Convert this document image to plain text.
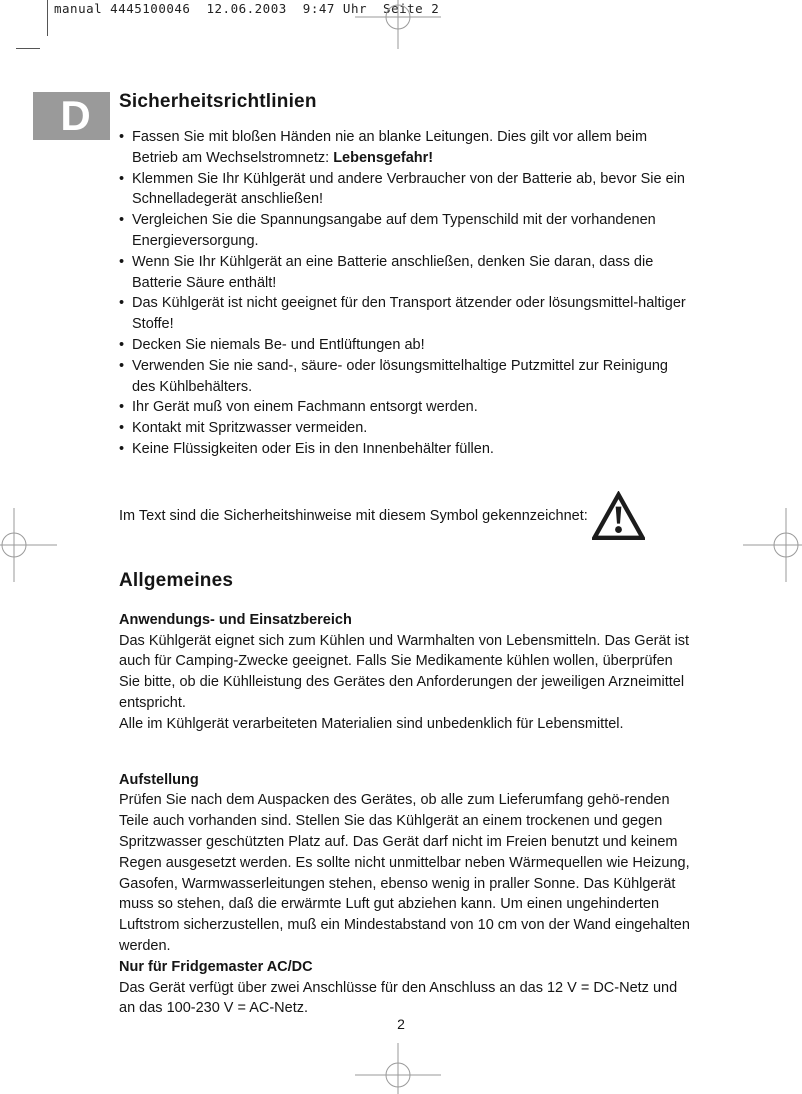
manual 4445100046  12.06.2003  9:47 Uhr  Seite 2
D	Sicherheitsrichtlinien
• Fassen Sie mit bloßen Händen nie an blanke Leitungen. Dies gilt vor allem beim Betrieb am Wechselstromnetz: Lebensgefahr!
• Klemmen Sie Ihr Kühlgerät und andere Verbraucher von der Batterie ab, bevor Sie ein Schnelladegerät anschließen!
• Vergleichen Sie die Spannungsangabe auf dem Typenschild mit der vorhandenen Energieversorgung.
• Wenn Sie Ihr Kühlgerät an eine Batterie anschließen, denken Sie daran, dass die Batterie Säure enthält!
• Das Kühlgerät ist nicht geeignet für den Transport ätzender oder lösungsmittel-haltiger Stoffe!
• Decken Sie niemals Be- und Entlüftungen ab!
• Verwenden Sie nie sand-, säure- oder lösungsmittelhaltige Putzmittel zur Reinigung des Kühlbehälters.
• Ihr Gerät muß von einem Fachmann entsorgt werden.
• Kontakt mit Spritzwasser vermeiden.
• Keine Flüssigkeiten oder Eis in den Innenbehälter füllen.
Im Text sind die Sicherheitshinweise mit diesem Symbol gekennzeichnet:
Allgemeines
Anwendungs- und Einsatzbereich

Das Kühlgerät eignet sich zum Kühlen und Warmhalten von Lebensmitteln. Das Gerät ist auch für Camping-Zwecke geeignet. Falls Sie Medikamente kühlen wollen, überprüfen Sie bitte, ob die Kühlleistung des Gerätes den Anforderungen der jeweiligen Arzneimittel entspricht.

Alle im Kühlgerät verarbeiteten Materialien sind unbedenklich für Lebensmittel.

Aufstellung

Prüfen Sie nach dem Auspacken des Gerätes, ob alle zum Lieferumfang gehö-renden Teile auch vorhanden sind. Stellen Sie das Kühlgerät an einem trockenen und gegen Spritzwasser geschützten Platz auf. Das Gerät darf nicht im Freien benutzt und keinem Regen ausgesetzt werden. Es sollte nicht unmittelbar neben Wärmequellen wie Heizung, Gasofen, Warmwasserleitungen stehen, ebenso wenig in praller Sonne. Das Kühlgerät muss so stehen, daß die erwärmte Luft gut abziehen kann. Um einen ungehinderten Luftstrom sicherzustellen, muß ein Mindestabstand von 10 cm von der Wand eingehalten werden.

Nur für Fridgemaster AC/DC

Das Gerät verfügt über zwei Anschlüsse für den Anschluss an das 12 V = DC-Netz und an das 100-230 V = AC-Netz.

2
